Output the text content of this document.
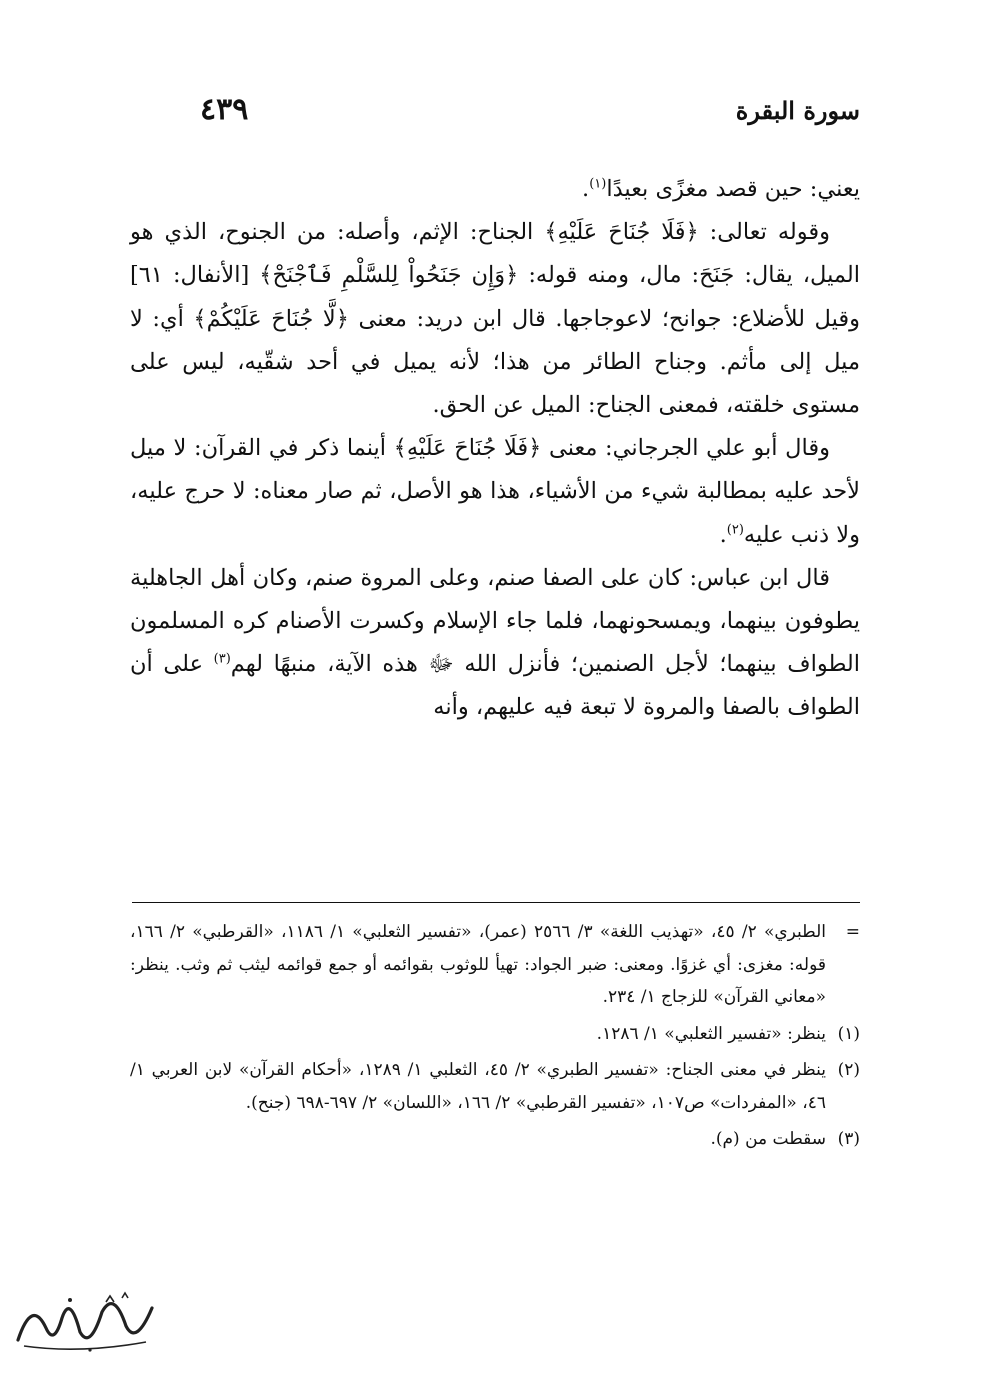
سورة البقرة
٤٣٩

يعني: حين قصد مغزًى بعيدًا$^{(١)}$.

وقوله تعالى: ﴿فَلَا جُنَاحَ عَلَيْهِ﴾ الجناح: الإثم، وأصله: من الجنوح، الذي هو الميل، يقال: جَنَحَ: مال، ومنه قوله: ﴿وَإِن جَنَحُواْ لِلسَّلْمِ فَٱجْنَحْ﴾ [الأنفال: ٦١] وقيل للأضلاع: جوانح؛ لاعوجاجها. قال ابن دريد: معنى ﴿لَّا جُنَاحَ عَلَيْكُمْ﴾ أي: لا ميل إلى مأثم. وجناح الطائر من هذا؛ لأنه يميل في أحد شقّيه، ليس على مستوى خلقته، فمعنى الجناح: الميل عن الحق.

وقال أبو علي الجرجاني: معنى ﴿فَلَا جُنَاحَ عَلَيْهِ﴾ أينما ذكر في القرآن: لا ميل لأحد عليه بمطالبة شيء من الأشياء، هذا هو الأصل، ثم صار معناه: لا حرج عليه، ولا ذنب عليه$^{(٢)}$.

قال ابن عباس: كان على الصفا صنم، وعلى المروة صنم، وكان أهل الجاهلية يطوفون بينهما، ويمسحونهما، فلما جاء الإسلام وكسرت الأصنام كره المسلمون الطواف بينهما؛ لأجل الصنمين؛ فأنزل الله ﷻ هذه الآية، منبهًا لهم$^{(٣)}$ على أن الطواف بالصفا والمروة لا تبعة فيه عليهم، وأنه

=
الطبري» ٢/ ٤٥، «تهذيب اللغة» ٣/ ٢٥٦٦ (عمر)، «تفسير الثعلبي» ١/ ١١٨٦، «القرطبي» ٢/ ١٦٦، قوله: مغزى: أي غزوًا. ومعنى: ضبر الجواد: تهيأ للوثوب بقوائمه أو جمع قوائمه ليثب ثم وثب. ينظر: «معاني القرآن» للزجاج ١/ ٢٣٤.
(١)
ينظر: «تفسير الثعلبي» ١/ ١٢٨٦.
(٢)
ينظر في معنى الجناح: «تفسير الطبري» ٢/ ٤٥، الثعلبي ١/ ١٢٨٩، «أحكام القرآن» لابن العربي ١/ ٤٦، «المفردات» ص١٠٧، «تفسير القرطبي» ٢/ ١٦٦، «اللسان» ٢/ ٦٩٧-٦٩٨ (جنح).
(٣)
سقطت من (م).
